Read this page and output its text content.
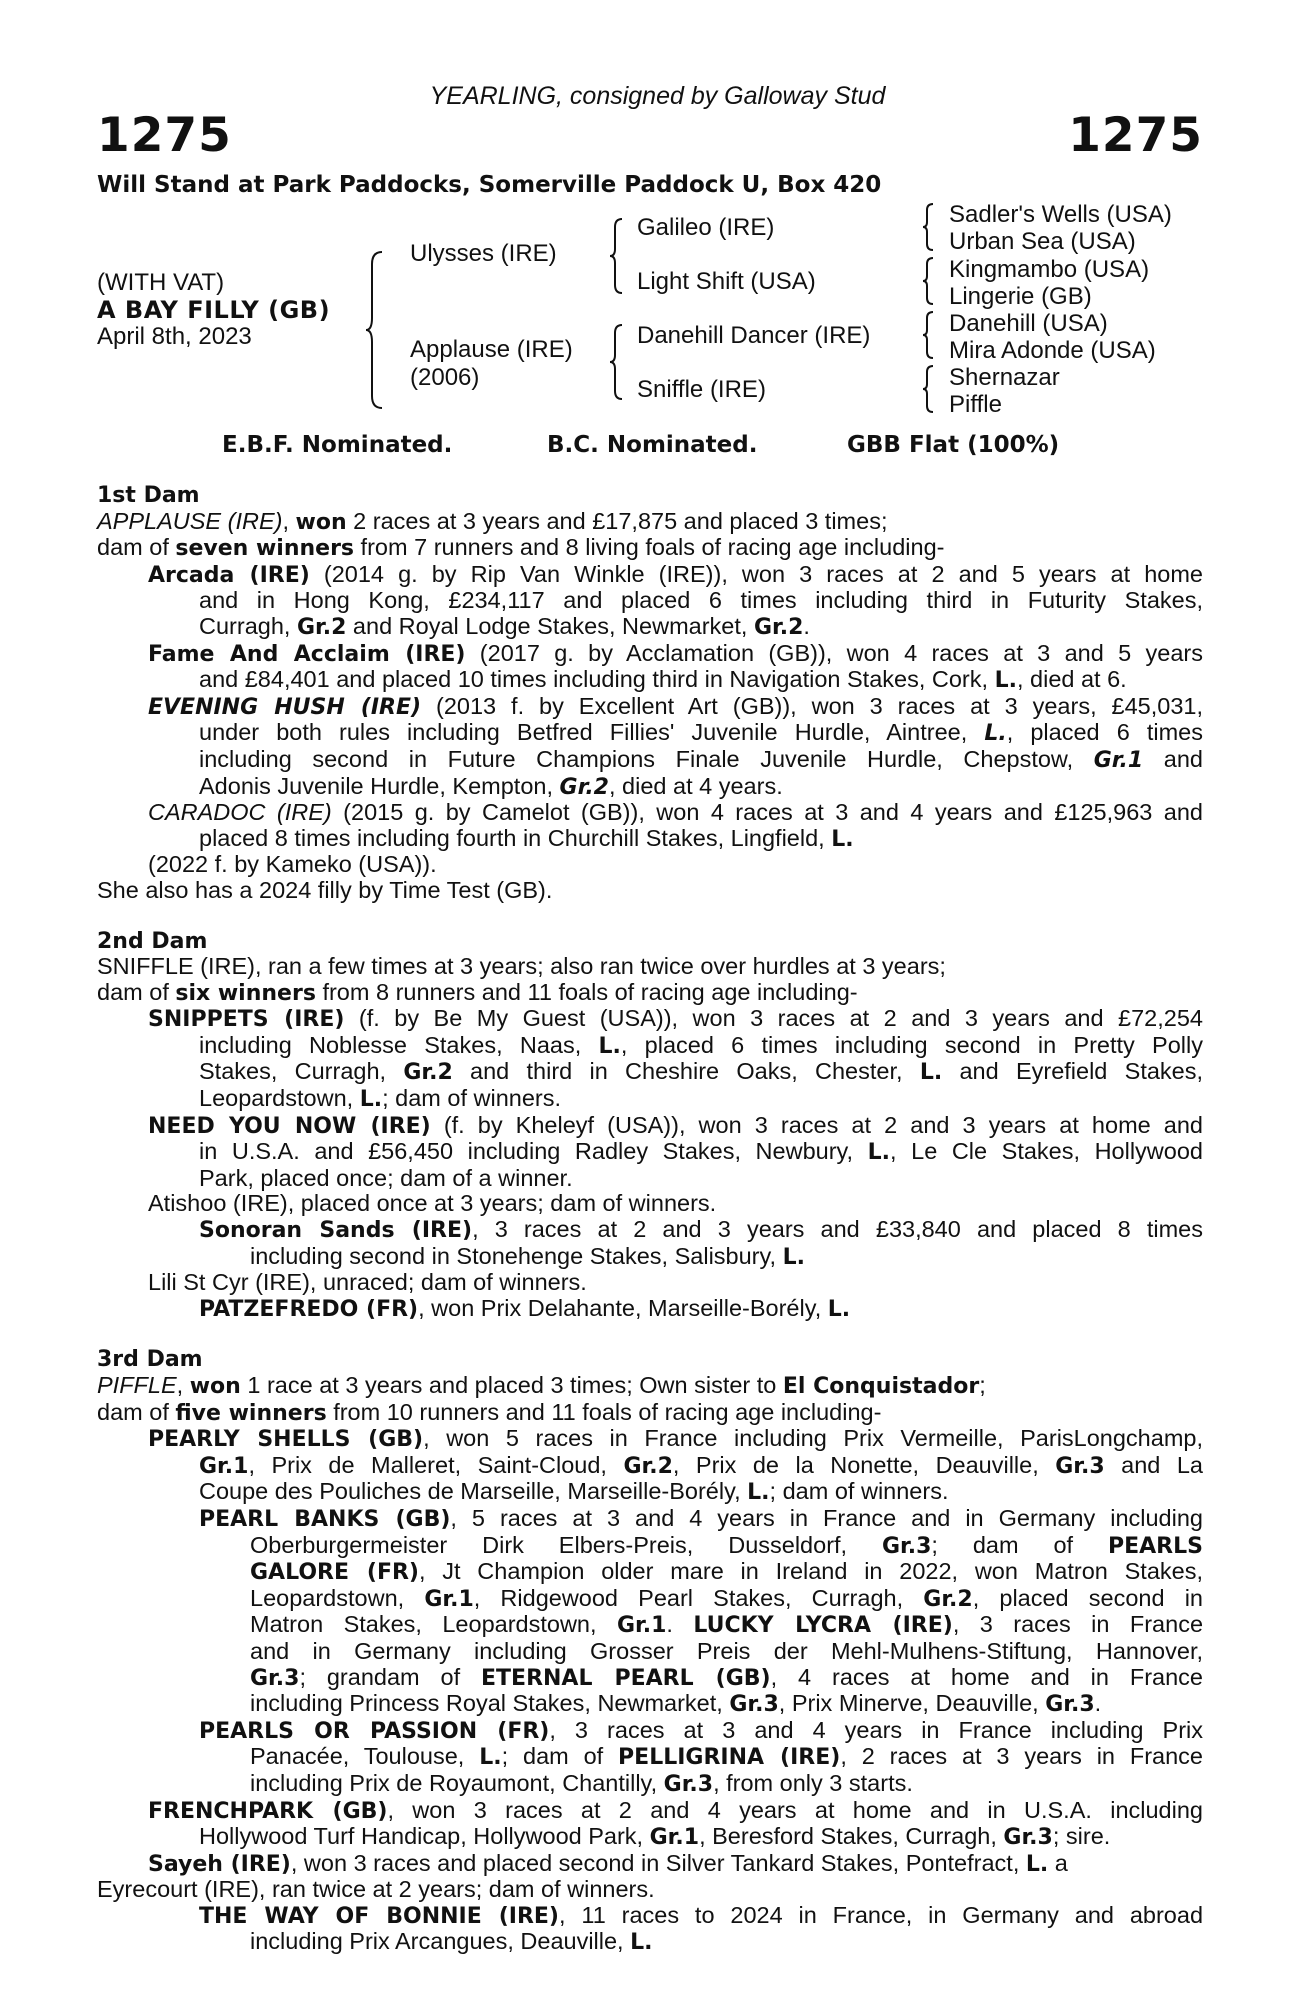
YEARLING, consigned by Galloway Stud
1275	1275
Will Stand at Park Paddocks, Somerville Paddock U, Box 420
(WITH VAT)
A BAY FILLY (GB)
April 8th, 2023
Ulysses (IRE)
Applause (IRE)
(2006)
Galileo (IRE)
Light Shift (USA)
Danehill Dancer (IRE)
Sniffle (IRE)
Sadler's Wells (USA)
Urban Sea (USA)
Kingmambo (USA)
Lingerie (GB)
Danehill (USA)
Mira Adonde (USA)
Shernazar
Piffle
E.B.F. Nominated.	B.C. Nominated.	GBB Flat (100%)
1st Dam
APPLAUSE (IRE), won 2 races at 3 years and £17,875 and placed 3 times;
dam of seven winners from 7 runners and 8 living foals of racing age including-
Arcada (IRE) (2014 g. by Rip Van Winkle (IRE)), won 3 races at 2 and 5 years at home
and in Hong Kong, £234,117 and placed 6 times including third in Futurity Stakes,
Curragh, Gr.2 and Royal Lodge Stakes, Newmarket, Gr.2.
Fame And Acclaim (IRE) (2017 g. by Acclamation (GB)), won 4 races at 3 and 5 years
and £84,401 and placed 10 times including third in Navigation Stakes, Cork, L., died at 6.
EVENING HUSH (IRE) (2013 f. by Excellent Art (GB)), won 3 races at 3 years, £45,031,
under both rules including Betfred Fillies' Juvenile Hurdle, Aintree, L., placed 6 times
including second in Future Champions Finale Juvenile Hurdle, Chepstow, Gr.1 and
Adonis Juvenile Hurdle, Kempton, Gr.2, died at 4 years.
CARADOC (IRE) (2015 g. by Camelot (GB)), won 4 races at 3 and 4 years and £125,963 and
placed 8 times including fourth in Churchill Stakes, Lingfield, L.
(2022 f. by Kameko (USA)).
She also has a 2024 filly by Time Test (GB).
2nd Dam
SNIFFLE (IRE), ran a few times at 3 years; also ran twice over hurdles at 3 years;
dam of six winners from 8 runners and 11 foals of racing age including-
SNIPPETS (IRE) (f. by Be My Guest (USA)), won 3 races at 2 and 3 years and £72,254
including Noblesse Stakes, Naas, L., placed 6 times including second in Pretty Polly
Stakes, Curragh, Gr.2 and third in Cheshire Oaks, Chester, L. and Eyrefield Stakes,
Leopardstown, L.; dam of winners.
NEED YOU NOW (IRE) (f. by Kheleyf (USA)), won 3 races at 2 and 3 years at home and
in U.S.A. and £56,450 including Radley Stakes, Newbury, L., Le Cle Stakes, Hollywood
Park, placed once; dam of a winner.
Atishoo (IRE), placed once at 3 years; dam of winners.
Sonoran Sands (IRE), 3 races at 2 and 3 years and £33,840 and placed 8 times
including second in Stonehenge Stakes, Salisbury, L.
Lili St Cyr (IRE), unraced; dam of winners.
PATZEFREDO (FR), won Prix Delahante, Marseille-Borély, L.
3rd Dam
PIFFLE, won 1 race at 3 years and placed 3 times; Own sister to El Conquistador;
dam of five winners from 10 runners and 11 foals of racing age including-
PEARLY SHELLS (GB), won 5 races in France including Prix Vermeille, ParisLongchamp,
Gr.1, Prix de Malleret, Saint-Cloud, Gr.2, Prix de la Nonette, Deauville, Gr.3 and La
Coupe des Pouliches de Marseille, Marseille-Borély, L.; dam of winners.
PEARL BANKS (GB), 5 races at 3 and 4 years in France and in Germany including
Oberburgermeister Dirk Elbers-Preis, Dusseldorf, Gr.3; dam of PEARLS
GALORE (FR), Jt Champion older mare in Ireland in 2022, won Matron Stakes,
Leopardstown, Gr.1, Ridgewood Pearl Stakes, Curragh, Gr.2, placed second in
Matron Stakes, Leopardstown, Gr.1. LUCKY LYCRA (IRE), 3 races in France
and in Germany including Grosser Preis der Mehl-Mulhens-Stiftung, Hannover,
Gr.3; grandam of ETERNAL PEARL (GB), 4 races at home and in France
including Princess Royal Stakes, Newmarket, Gr.3, Prix Minerve, Deauville, Gr.3.
PEARLS OR PASSION (FR), 3 races at 3 and 4 years in France including Prix
Panacée, Toulouse, L.; dam of PELLIGRINA (IRE), 2 races at 3 years in France
including Prix de Royaumont, Chantilly, Gr.3, from only 3 starts.
FRENCHPARK (GB), won 3 races at 2 and 4 years at home and in U.S.A. including
Hollywood Turf Handicap, Hollywood Park, Gr.1, Beresford Stakes, Curragh, Gr.3; sire.
Sayeh (IRE), won 3 races and placed second in Silver Tankard Stakes, Pontefract, L. a
Eyrecourt (IRE), ran twice at 2 years; dam of winners.
THE WAY OF BONNIE (IRE), 11 races to 2024 in France, in Germany and abroad
including Prix Arcangues, Deauville, L.
